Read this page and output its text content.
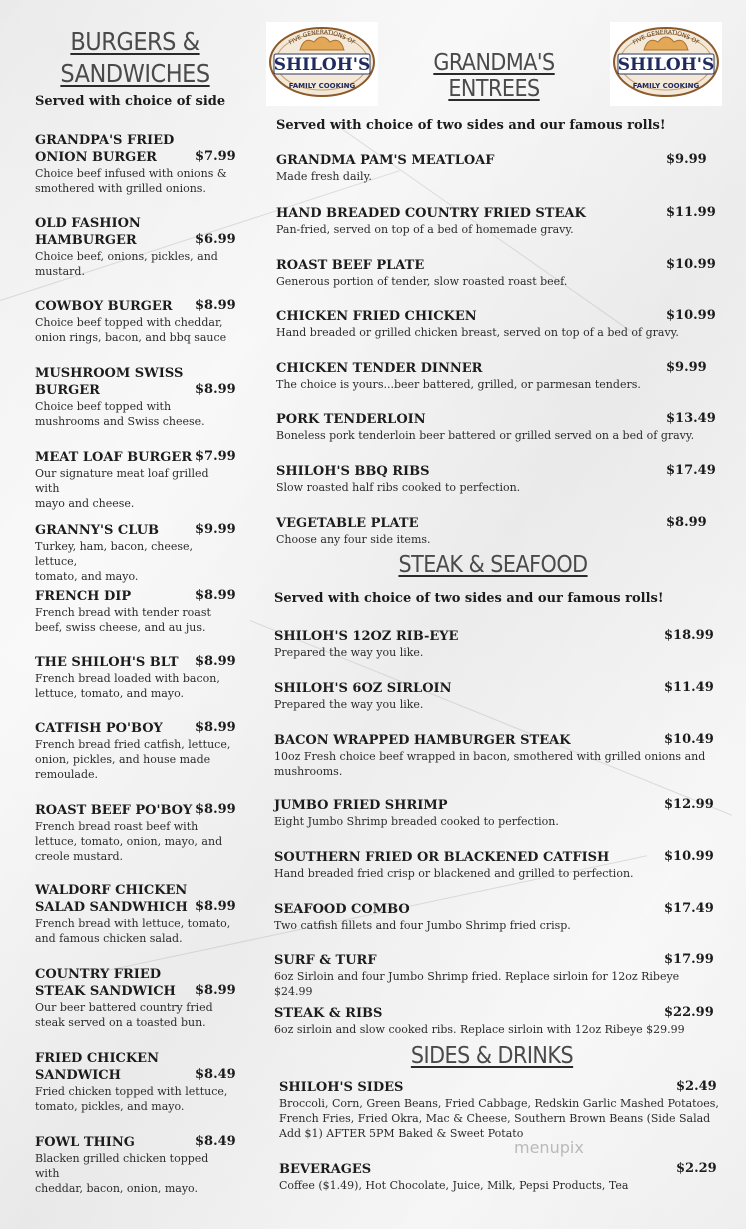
SHILOH'S
FIVE GENERATIONS OF
FAMILY COOKING
SHILOH'S
FIVE GENERATIONS OF
FAMILY COOKING
BURGERS &
SANDWICHES
Served with choice of side
GRANDPA'S FRIED
ONION BURGER	$7.99
Choice beef infused with onions &
smothered with grilled onions.
OLD FASHION
HAMBURGER	$6.99
Choice beef, onions, pickles, and
mustard.
COWBOY BURGER	$8.99
Choice beef topped with cheddar,
onion rings, bacon, and bbq sauce
MUSHROOM SWISS
BURGER	$8.99
Choice beef topped with
mushrooms and Swiss cheese.
MEAT LOAF BURGER $7.99
Our signature meat loaf grilled with
mayo and cheese.
GRANNY'S CLUB	$9.99
Turkey, ham, bacon, cheese, lettuce,
tomato, and mayo.
FRENCH DIP	$8.99
French bread with tender roast
beef, swiss cheese, and au jus.
THE SHILOH'S BLT	$8.99
French bread loaded with bacon,
lettuce, tomato, and mayo.
CATFISH PO'BOY	$8.99
French bread fried catfish, lettuce,
onion, pickles, and house made
remoulade.
ROAST BEEF PO'BOY $8.99
French bread roast beef with
lettuce, tomato, onion, mayo, and
creole mustard.
WALDORF CHICKEN
SALAD SANDWHICH $8.99
French bread with lettuce, tomato,
and famous chicken salad.
COUNTRY FRIED
STEAK SANDWICH	$8.99
Our beer battered country fried
steak served on a toasted bun.
FRIED CHICKEN
SANDWICH	$8.49
Fried chicken topped with lettuce,
tomato, pickles, and mayo.
FOWL THING	$8.49
Blacken grilled chicken topped with
cheddar, bacon, onion, mayo.
GRANDMA'S ENTREES
Served with choice of two sides and our famous rolls!
GRANDMA PAM'S MEATLOAF	$9.99
Made fresh daily.
HAND BREADED COUNTRY FRIED STEAK	$11.99
Pan-fried, served on top of a bed of homemade gravy.
ROAST BEEF PLATE	$10.99
Generous portion of tender, slow roasted roast beef.
CHICKEN FRIED CHICKEN	$10.99
Hand breaded or grilled chicken breast, served on top of a bed of gravy.
CHICKEN TENDER DINNER	$9.99
The choice is yours...beer battered, grilled, or parmesan tenders.
PORK TENDERLOIN	$13.49
Boneless pork tenderloin beer battered or grilled served on a bed of gravy.
SHILOH'S BBQ RIBS	$17.49
Slow roasted half ribs cooked to perfection.
VEGETABLE PLATE	$8.99
Choose any four side items.
STEAK & SEAFOOD
Served with choice of two sides and our famous rolls!
SHILOH'S 12OZ RIB-EYE	$18.99
Prepared the way you like.
SHILOH'S 6OZ SIRLOIN	$11.49
Prepared the way you like.
BACON WRAPPED HAMBURGER STEAK	$10.49
10oz Fresh choice beef wrapped in bacon, smothered with grilled onions and
mushrooms.
JUMBO FRIED SHRIMP	$12.99
Eight Jumbo Shrimp breaded cooked to perfection.
SOUTHERN FRIED OR BLACKENED CATFISH	$10.99
Hand breaded fried crisp or blackened and grilled to perfection.
SEAFOOD COMBO	$17.49
Two catfish fillets and four Jumbo Shrimp fried crisp.
SURF & TURF	$17.99
6oz Sirloin and four Jumbo Shrimp fried. Replace sirloin for 12oz Ribeye $24.99
STEAK & RIBS	$22.99
6oz sirloin and slow cooked ribs. Replace sirloin with 12oz Ribeye $29.99
SIDES & DRINKS
SHILOH'S SIDES	$2.49
Broccoli, Corn, Green Beans, Fried Cabbage, Redskin Garlic Mashed Potatoes,
French Fries, Fried Okra, Mac & Cheese, Southern Brown Beans (Side Salad
Add $1) AFTER 5PM Baked & Sweet Potato
BEVERAGES	$2.29
Coffee ($1.49), Hot Chocolate, Juice, Milk, Pepsi Products, Tea
menupix
